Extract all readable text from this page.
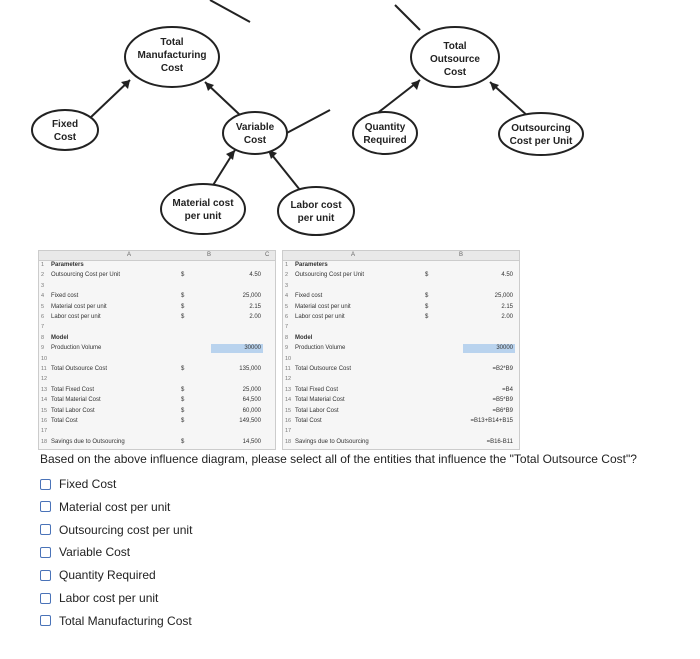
Total
Manufacturing
Cost
Total
Outsource
Cost
Fixed
Cost
Variable
Cost
Quantity
Required
Outsourcing
Cost per Unit
Material cost
per unit
Labor cost
per unit
A	B	C
1	Parameters
2	Outsourcing Cost per Unit	$	4.50
3
4	Fixed cost	$	25,000
5	Material cost per unit	$	2.15
6	Labor cost per unit	$	2.00
7
8	Model
9	Production Volume	30000
10
11 Total Outsource Cost	$	135,000
12
13 Total Fixed Cost	$	25,000
14 Total Material Cost	$	64,500
15 Total Labor Cost	$	60,000
16 Total Cost	$	149,500
17
18 Savings due to Outsourcing	$	14,500
A	B
1	Parameters
2	Outsourcing Cost per Unit	$	4.50
3
4	Fixed cost	$	25,000
5	Material cost per unit	$	2.15
6	Labor cost per unit	$	2.00
7
8	Model
9	Production Volume	30000
10
11 Total Outsource Cost	=B2*B9
12
13 Total Fixed Cost	=B4
14 Total Material Cost	=B5*B9
15 Total Labor Cost	=B6*B9
16 Total Cost	=B13+B14+B15
17
18 Savings due to Outsourcing	=B16-B11
Based on the above influence diagram, please select all of the entities that influence the "Total Outsource Cost"?
Fixed Cost
Material cost per unit
Outsourcing cost per unit
Variable Cost
Quantity Required
Labor cost per unit
Total Manufacturing Cost
